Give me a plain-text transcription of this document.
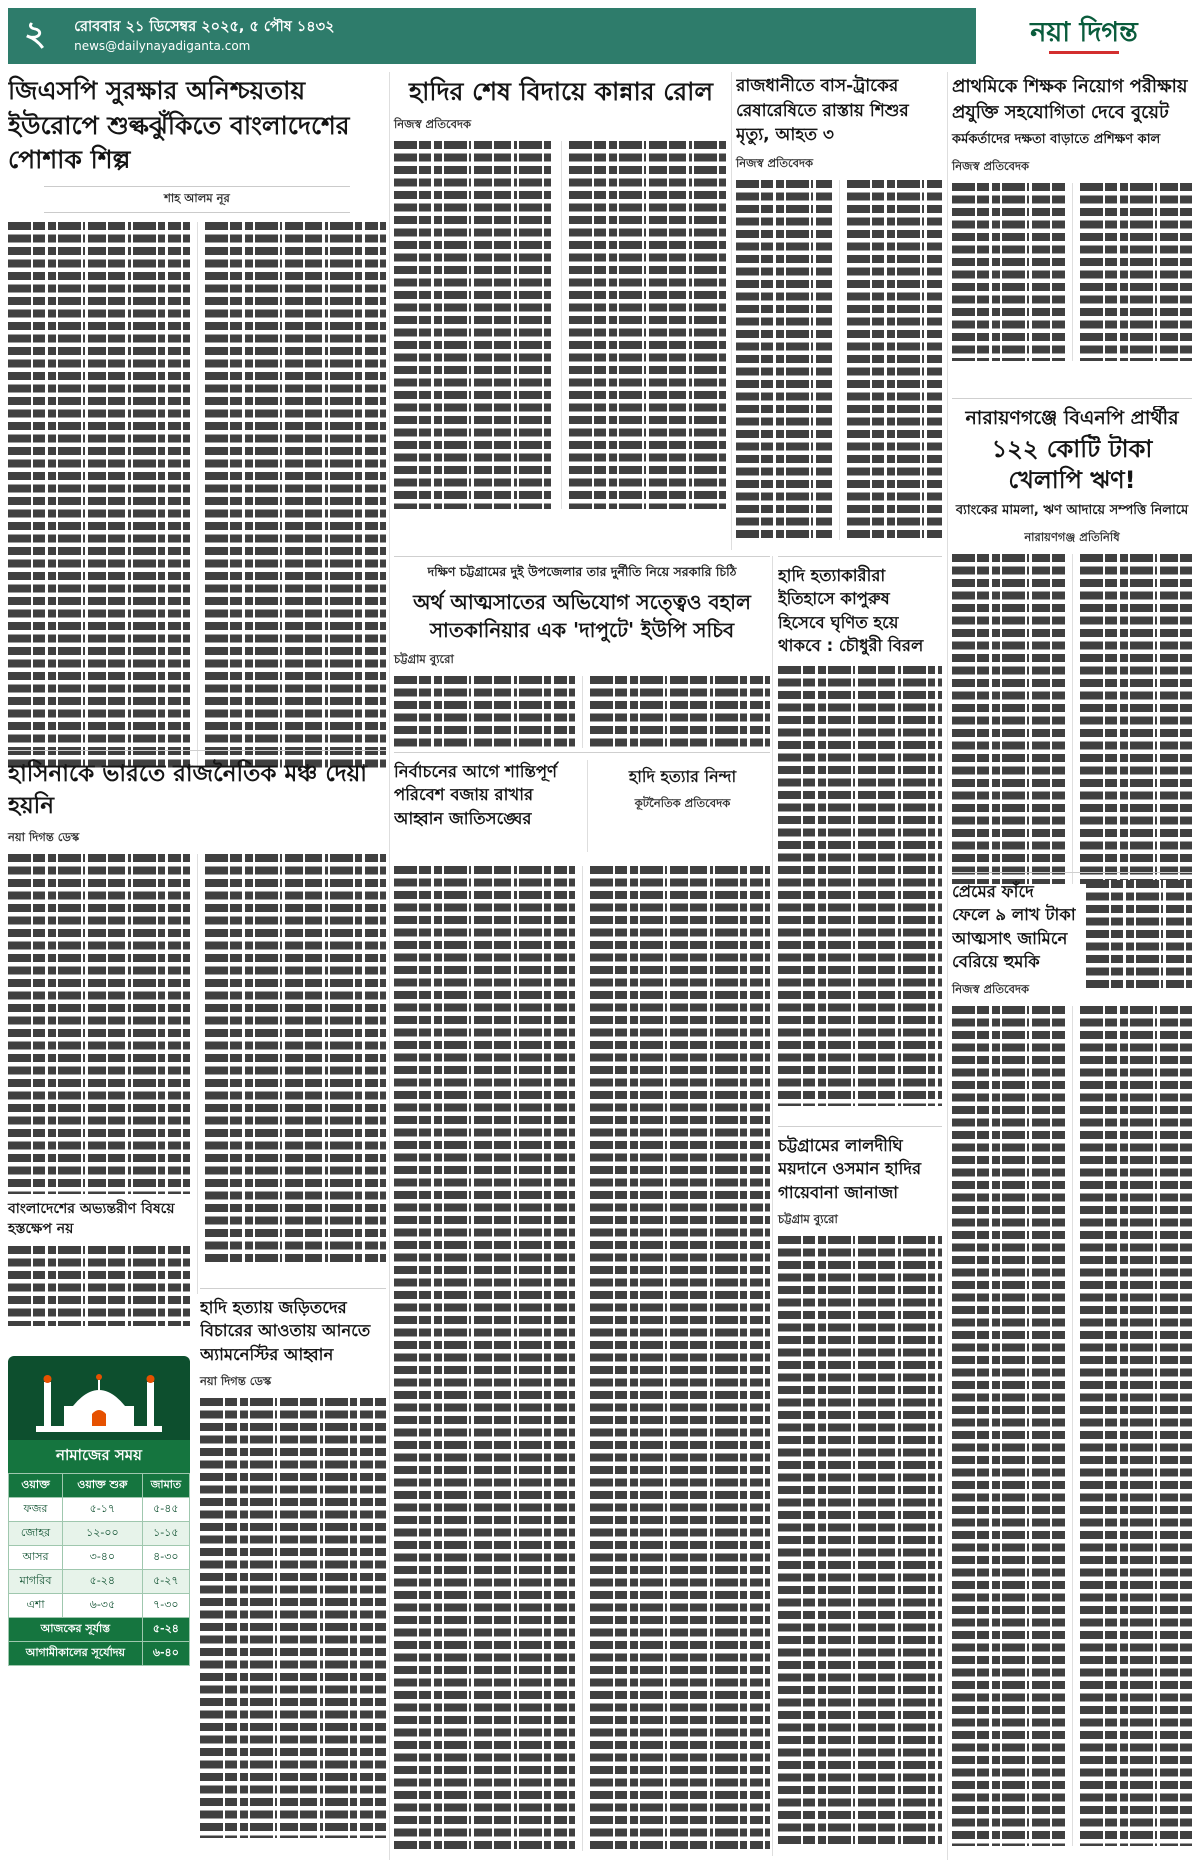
২ রোববার ২১ ডিসেম্বর ২০২৫, ৫ পৌষ ১৪৩২
news@dailynayadiganta.com	নয়া দিগন্ত
জিএসপি সুরক্ষার অনিশ্চয়তায় ইউরোপে শুল্কঝুঁকিতে বাংলাদেশের পোশাক শিল্প
শাহ আলম নূর
হাদির শেষ বিদায়ে কান্নার রোল
নিজস্ব প্রতিবেদক
রাজধানীতে বাস-ট্রাকের রেষারেষিতে রাস্তায় শিশুর মৃত্যু, আহত ৩
নিজস্ব প্রতিবেদক
প্রাথমিকে শিক্ষক নিয়োগ পরীক্ষায় প্রযুক্তি সহযোগিতা দেবে বুয়েট
কর্মকর্তাদের দক্ষতা বাড়াতে প্রশিক্ষণ কাল
নিজস্ব প্রতিবেদক
নারায়ণগঞ্জে বিএনপি প্রার্থীর
১২২ কোটি টাকা খেলাপি ঋণ!
ব্যাংকের মামলা, ঋণ আদায়ে সম্পত্তি নিলামে
নারায়ণগঞ্জ প্রতিনিধি
প্রেমের ফাঁদে ফেলে ৯ লাখ টাকা আত্মসাৎ জামিনে বেরিয়ে হুমকি
নিজস্ব প্রতিবেদক
হাসিনাকে ভারতে রাজনৈতিক মঞ্চ দেয়া হয়নি
নয়া দিগন্ত ডেস্ক
বাংলাদেশের অভ্যন্তরীণ বিষয়ে হস্তক্ষেপ নয়
হাদি হত্যায় জড়িতদের বিচারের আওতায় আনতে অ্যামনেস্টির আহ্বান
নয়া দিগন্ত ডেস্ক
নামাজের সময়
ওয়াক্ত	ওয়াক্ত শুরু	জামাত
ফজর	৫-১৭	৫-৪৫
জোহর	১২-০০	১-১৫
আসর	৩-৪০	৪-৩০
মাগরিব	৫-২৪	৫-২৭
এশা	৬-৩৫	৭-৩০
আজকের সূর্যাস্ত		৫-২৪
আগামীকালের সূর্যোদয়		৬-৪০
দক্ষিণ চট্টগ্রামের দুই উপজেলার তার দুর্নীতি নিয়ে সরকারি চিঠি
অর্থ আত্মসাতের অভিযোগ সত্ত্বেও বহাল সাতকানিয়ার এক 'দাপুটে' ইউপি সচিব
চট্টগ্রাম ব্যুরো
নির্বাচনের আগে শান্তিপূর্ণ পরিবেশ বজায় রাখার আহ্বান জাতিসঙ্ঘের
হাদি হত্যার নিন্দা
কূটনৈতিক প্রতিবেদক
হাদি হত্যাকারীরা ইতিহাসে কাপুরুষ হিসেবে ঘৃণিত হয়ে থাকবে : চৌধুরী বিরল
চট্টগ্রামের লালদীঘি ময়দানে ওসমান হাদির গায়েবানা জানাজা
চট্টগ্রাম ব্যুরো
